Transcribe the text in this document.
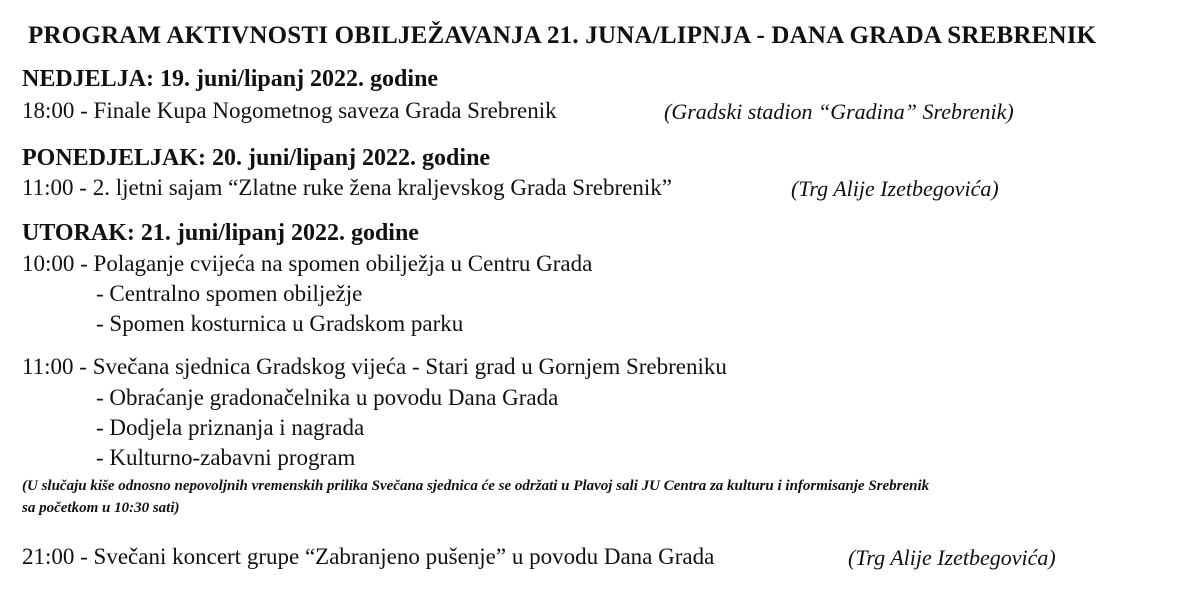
PROGRAM AKTIVNOSTI OBILJEŽAVANJA 21. JUNA/LIPNJA - DANA GRADA SREBRENIK
NEDJELJA: 19. juni/lipanj 2022. godine
18:00 - Finale Kupa Nogometnog saveza Grada Srebrenik	(Gradski stadion “Gradina” Srebrenik)
PONEDJELJAK: 20. juni/lipanj 2022. godine
11:00 - 2. ljetni sajam “Zlatne ruke žena kraljevskog Grada Srebrenik”	(Trg Alije Izetbegovića)
UTORAK: 21. juni/lipanj 2022. godine
10:00 - Polaganje cvijeća na spomen obilježja u Centru Grada
- Centralno spomen obilježje
- Spomen kosturnica u Gradskom parku
11:00 - Svečana sjednica Gradskog vijeća - Stari grad u Gornjem Srebreniku
- Obraćanje gradonačelnika u povodu Dana Grada
- Dodjela priznanja i nagrada
- Kulturno-zabavni program
(U slučaju kiše odnosno nepovoljnih vremenskih prilika Svečana sjednica će se održati u Plavoj sali JU Centra za kulturu i informisanje Srebrenik
sa početkom u 10:30 sati)
21:00 - Svečani koncert grupe “Zabranjeno pušenje” u povodu Dana Grada	(Trg Alije Izetbegovića)
